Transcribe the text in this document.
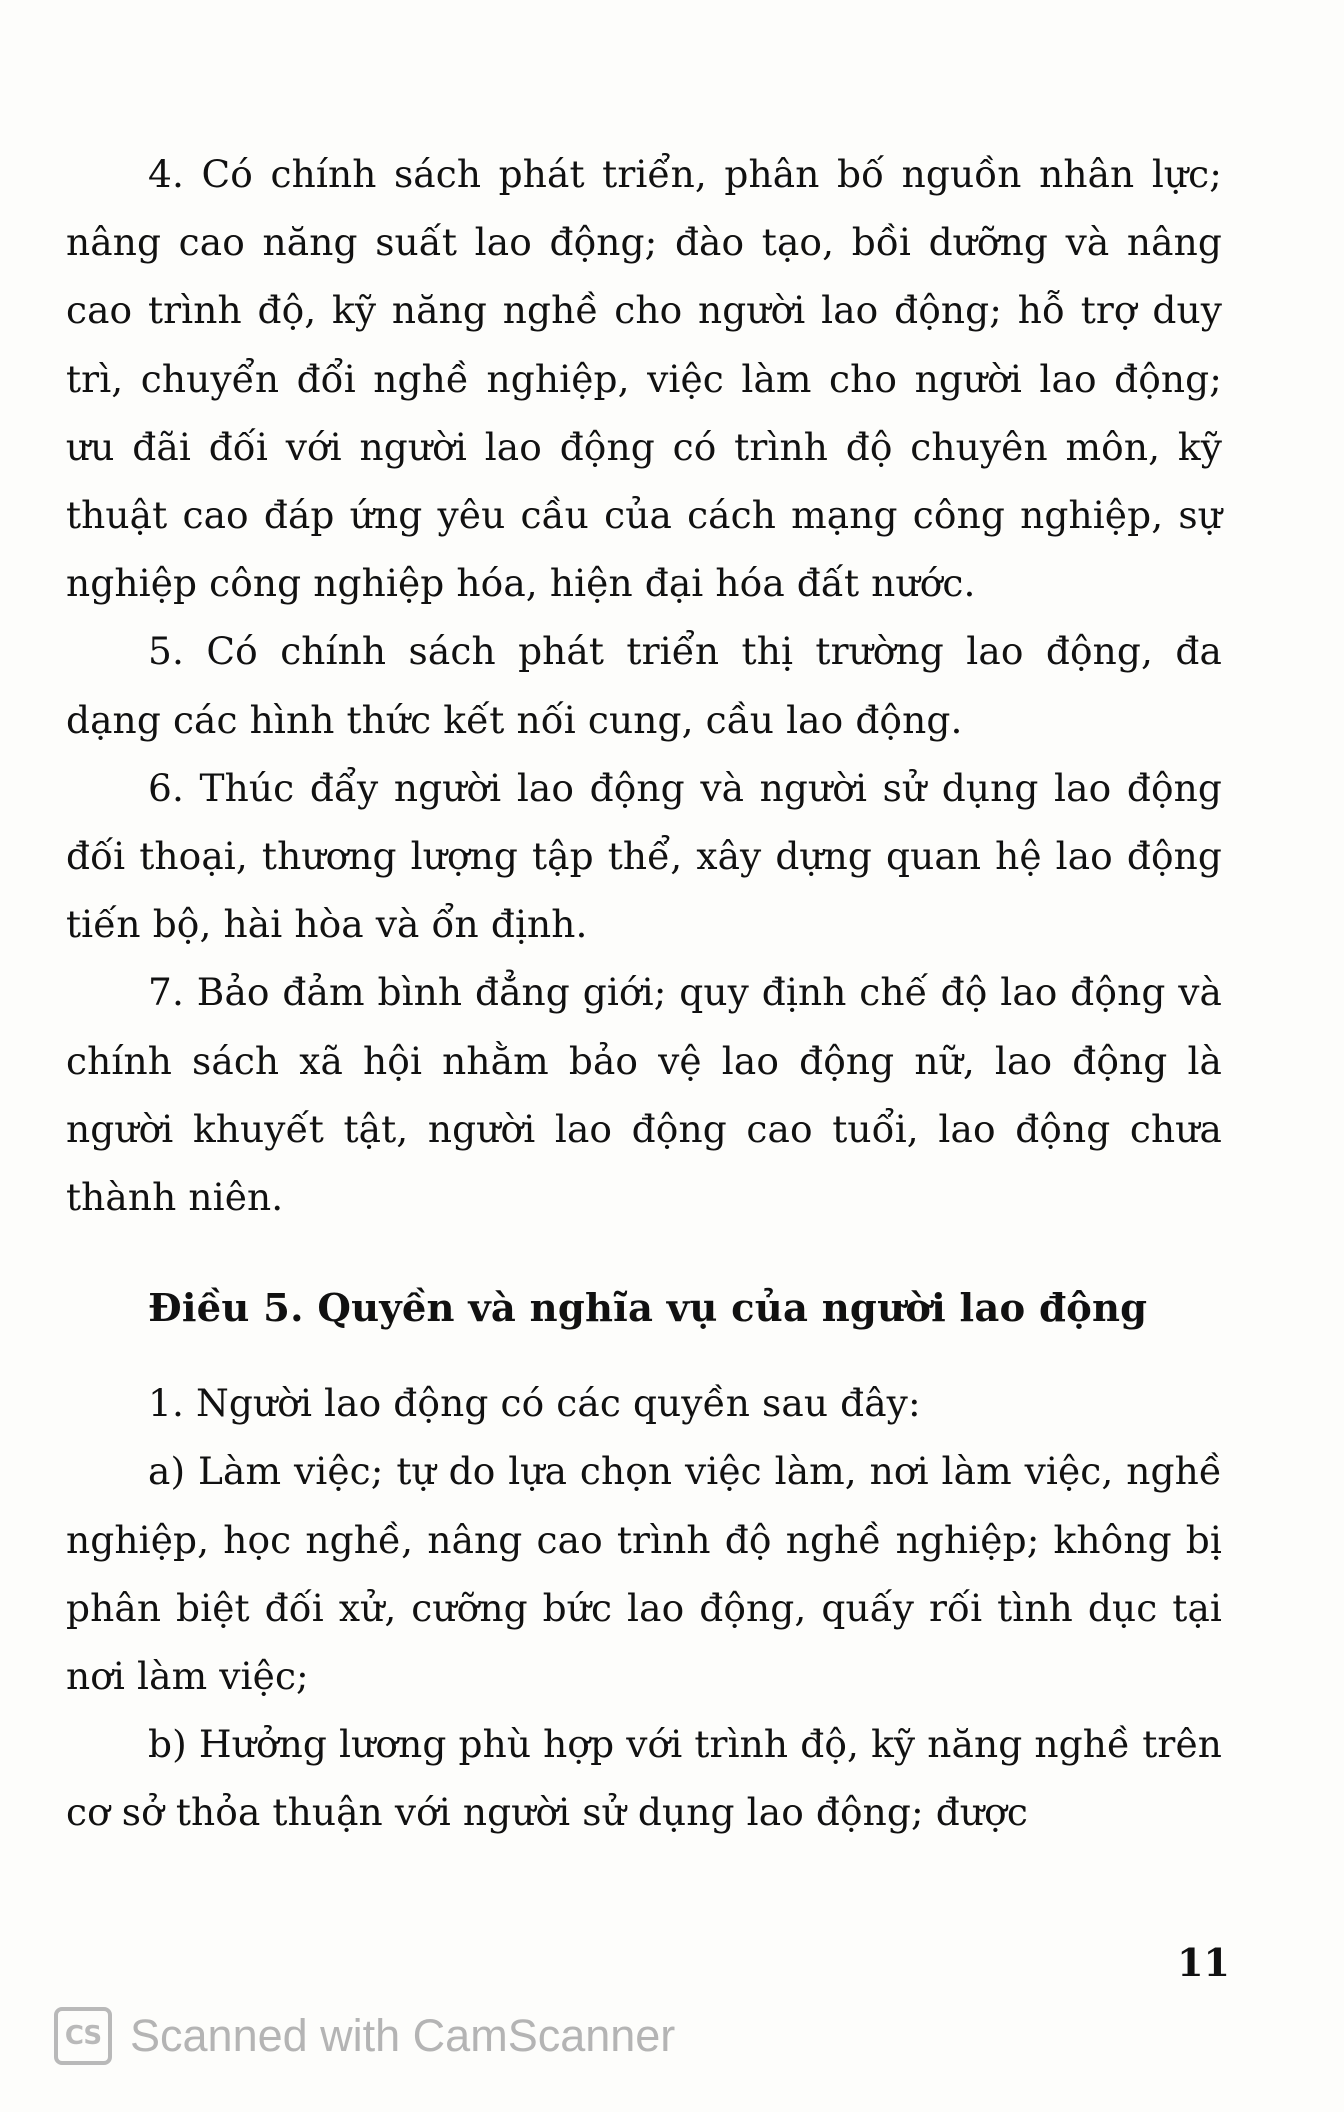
4. Có chính sách phát triển, phân bố nguồn nhân lực; nâng cao năng suất lao động; đào tạo, bồi dưỡng và nâng cao trình độ, kỹ năng nghề cho người lao động; hỗ trợ duy trì, chuyển đổi nghề nghiệp, việc làm cho người lao động; ưu đãi đối với người lao động có trình độ chuyên môn, kỹ thuật cao đáp ứng yêu cầu của cách mạng công nghiệp, sự nghiệp công nghiệp hóa, hiện đại hóa đất nước.

5. Có chính sách phát triển thị trường lao động, đa dạng các hình thức kết nối cung, cầu lao động.

6. Thúc đẩy người lao động và người sử dụng lao động đối thoại, thương lượng tập thể, xây dựng quan hệ lao động tiến bộ, hài hòa và ổn định.

7. Bảo đảm bình đẳng giới; quy định chế độ lao động và chính sách xã hội nhằm bảo vệ lao động nữ, lao động là người khuyết tật, người lao động cao tuổi, lao động chưa thành niên.

Điều 5. Quyền và nghĩa vụ của người lao động

1. Người lao động có các quyền sau đây:

a) Làm việc; tự do lựa chọn việc làm, nơi làm việc, nghề nghiệp, học nghề, nâng cao trình độ nghề nghiệp; không bị phân biệt đối xử, cưỡng bức lao động, quấy rối tình dục tại nơi làm việc;

b) Hưởng lương phù hợp với trình độ, kỹ năng nghề trên cơ sở thỏa thuận với người sử dụng lao động; được

11
CS Scanned with CamScanner
